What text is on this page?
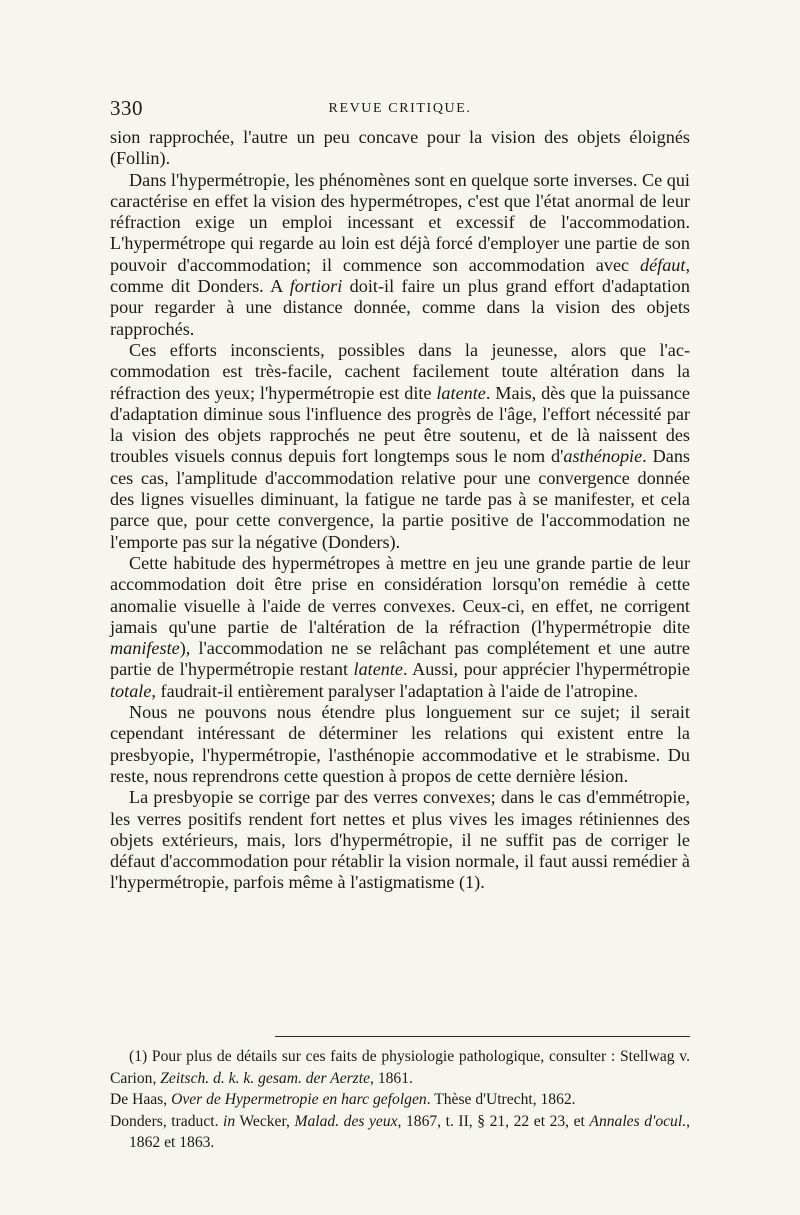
330	REVUE CRITIQUE.

sion rapprochée, l'autre un peu concave pour la vision des objets éloignés (Follin).

Dans l'hypermétropie, les phénomènes sont en quelque sorte inverses. Ce qui caractérise en effet la vision des hypermétropes, c'est que l'état anormal de leur réfraction exige un emploi incessant et excessif de l'accommodation. L'hypermétrope qui regarde au loin est déjà forcé d'employer une partie de son pouvoir d'accommodation; il commence son accommodation avec défaut, comme dit Donders. A fortiori doit-il faire un plus grand effort d'adaptation pour regarder à une distance donnée, comme dans la vision des objets rapprochés.

Ces efforts inconscients, possibles dans la jeunesse, alors que l'accommodation est très-facile, cachent facilement toute altération dans la réfraction des yeux; l'hypermétropie est dite latente. Mais, dès que la puissance d'adaptation diminue sous l'influence des progrès de l'âge, l'effort nécessité par la vision des objets rapprochés ne peut être soutenu, et de là naissent des troubles visuels connus depuis fort longtemps sous le nom d'asthénopie. Dans ces cas, l'amplitude d'accommodation relative pour une convergence donnée des lignes visuelles diminuant, la fatigue ne tarde pas à se manifester, et cela parce que, pour cette convergence, la partie positive de l'accommodation ne l'emporte pas sur la négative (Donders).

Cette habitude des hypermétropes à mettre en jeu une grande partie de leur accommodation doit être prise en considération lorsqu'on remédie à cette anomalie visuelle à l'aide de verres convexes. Ceux-ci, en effet, ne corrigent jamais qu'une partie de l'altération de la réfraction (l'hypermétropie dite manifeste), l'accommodation ne se relâchant pas complétement et une autre partie de l'hypermétropie restant latente. Aussi, pour apprécier l'hypermétropie totale, faudrait-il entièrement paralyser l'adaptation à l'aide de l'atropine.

Nous ne pouvons nous étendre plus longuement sur ce sujet; il serait cependant intéressant de déterminer les relations qui existent entre la presbyopie, l'hypermétropie, l'asthénopie accommodative et le strabisme. Du reste, nous reprendrons cette question à propos de cette dernière lésion.

La presbyopie se corrige par des verres convexes; dans le cas d'emmétropie, les verres positifs rendent fort nettes et plus vives les images rétiniennes des objets extérieurs, mais, lors d'hypermétropie, il ne suffit pas de corriger le défaut d'accommodation pour rétablir la vision normale, il faut aussi remédier à l'hypermétropie, parfois même à l'astigmatisme (1).

(1) Pour plus de détails sur ces faits de physiologie pathologique, consulter : Stellwag v. Carion, Zeitsch. d. k. k. gesam. der Aerzte, 1861.

De Haas, Over de Hypermetropie en harc gefolgen. Thèse d'Utrecht, 1862.

Donders, traduct. in Wecker, Malad. des yeux, 1867, t. II, § 21, 22 et 23, et Annales d'ocul., 1862 et 1863.
